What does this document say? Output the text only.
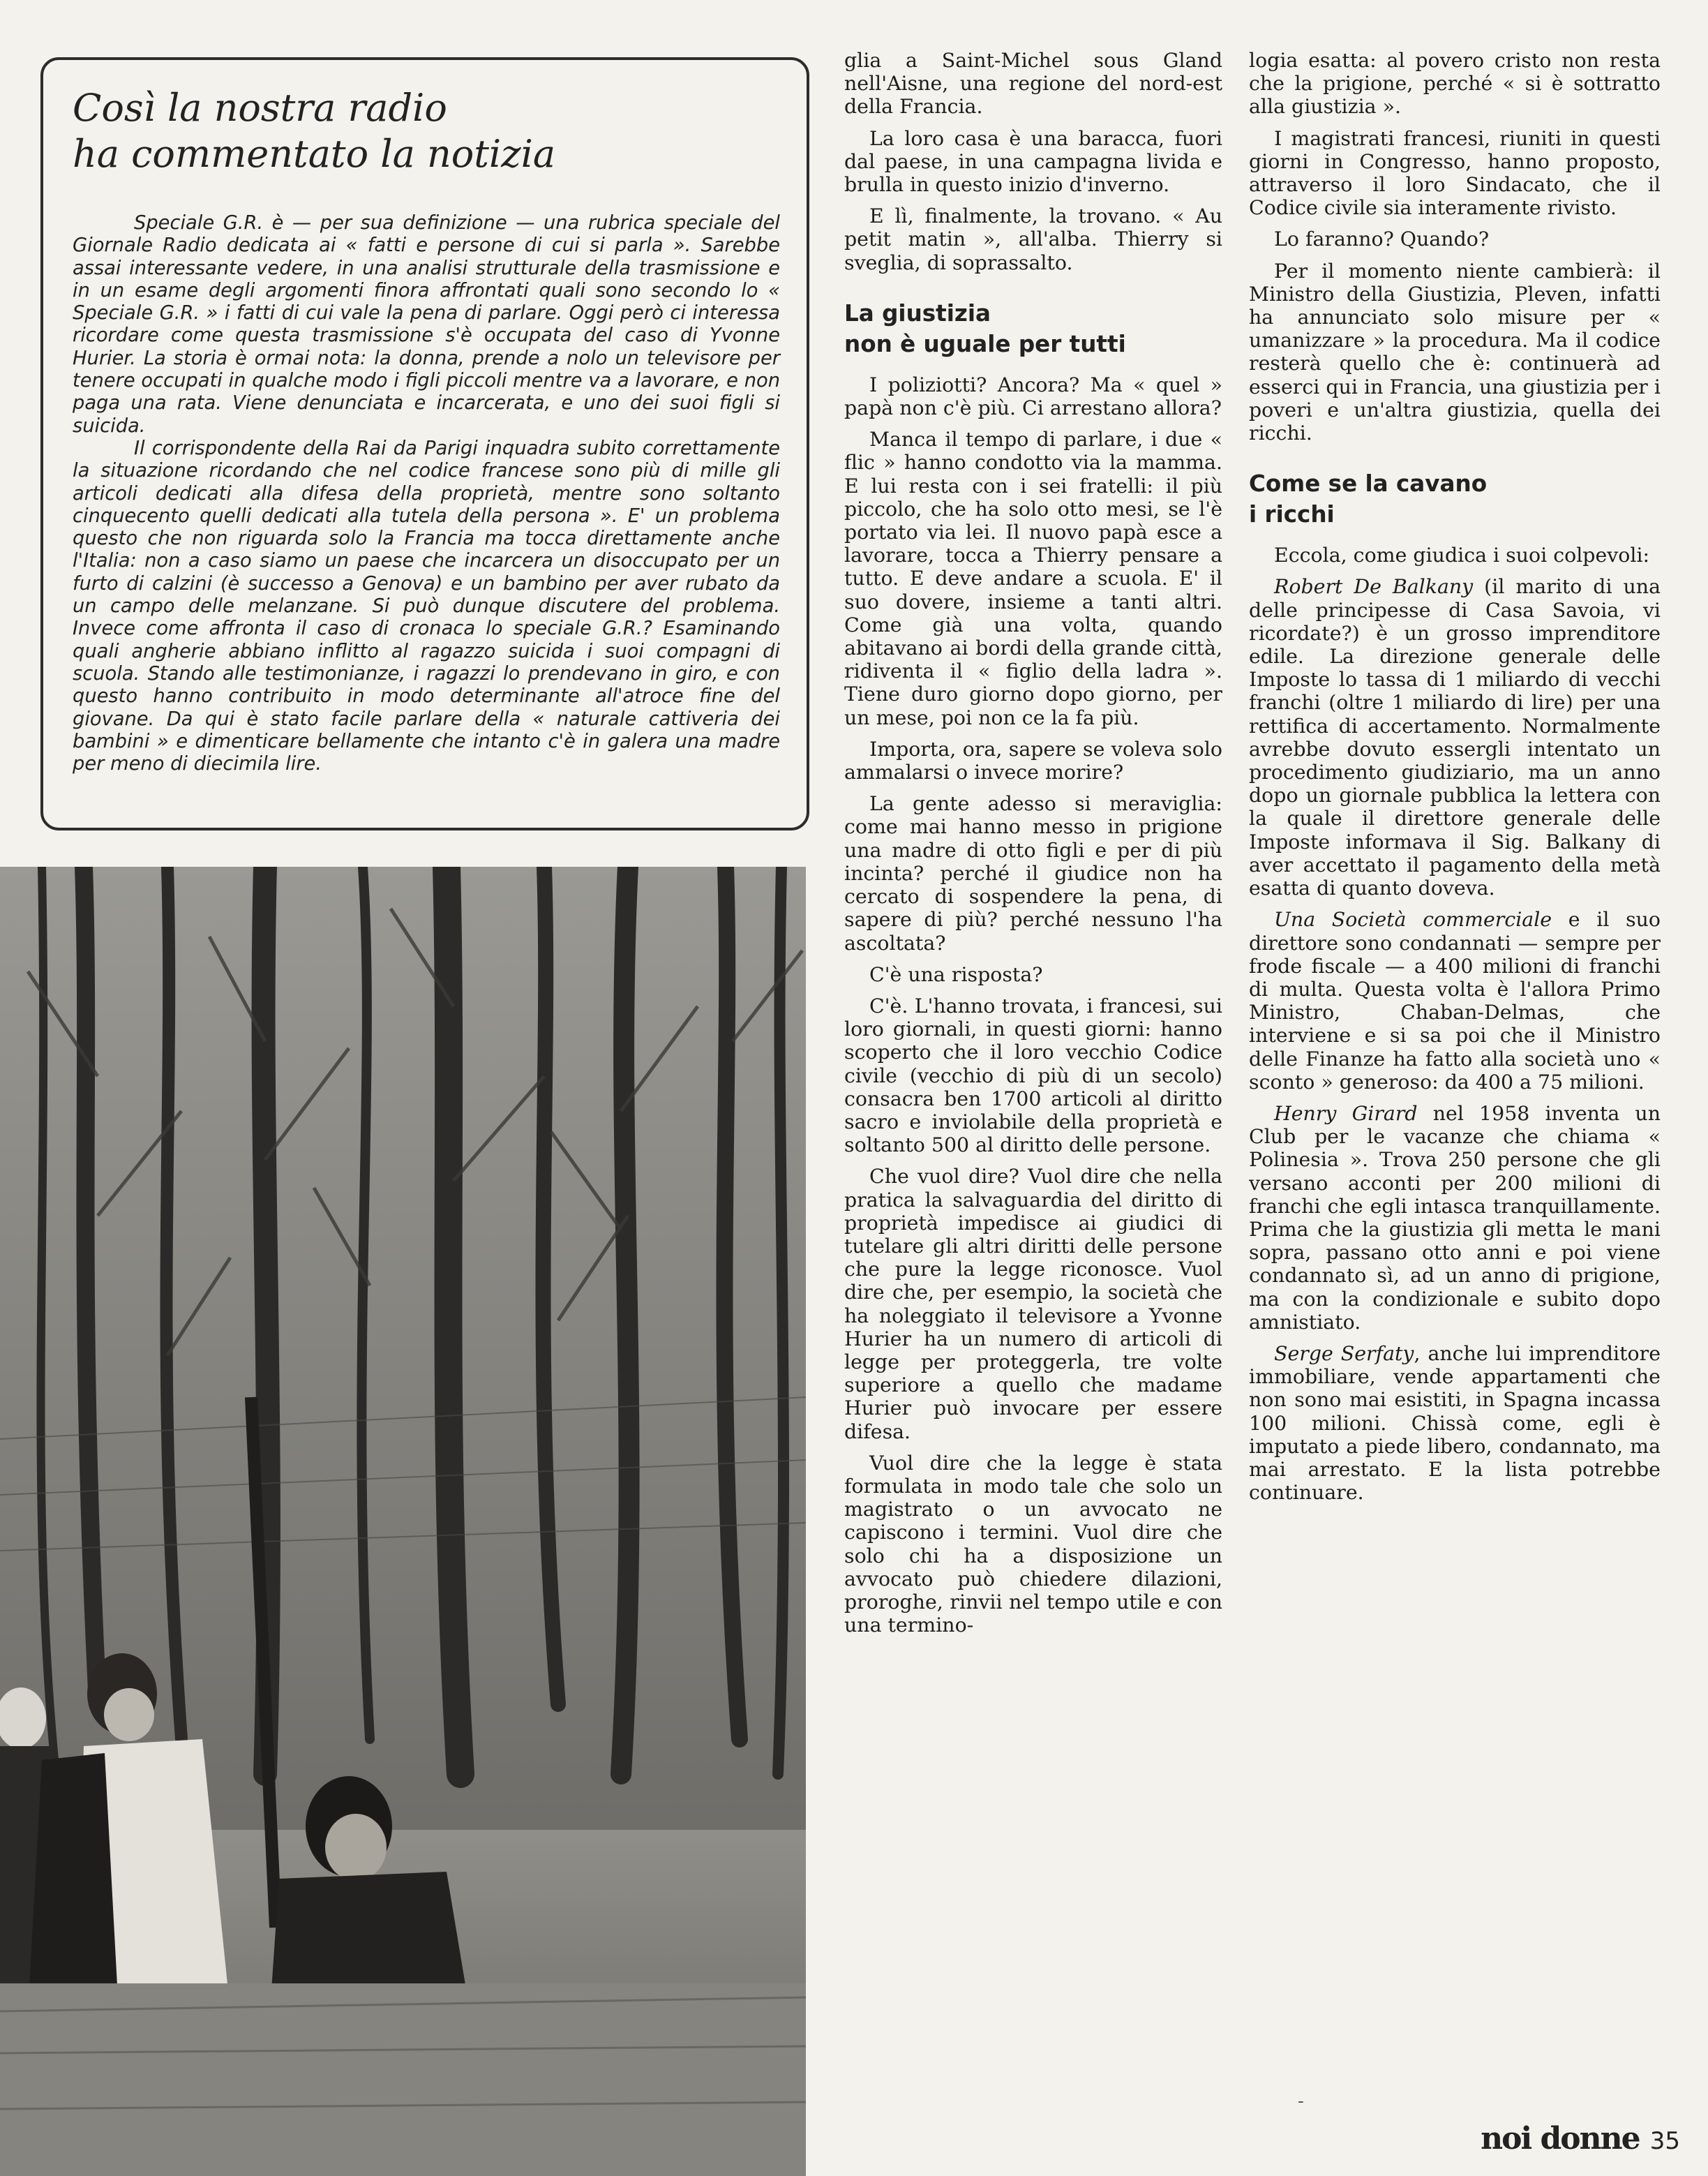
Così la nostra radio
ha commentato la notizia

Speciale G.R. è — per sua definizione — una rubrica speciale del Giornale Radio dedicata ai « fatti e persone di cui si parla ». Sarebbe assai interessante vedere, in una analisi strutturale della trasmissione e in un esame degli argomenti finora affrontati quali sono secondo lo « Speciale G.R. » i fatti di cui vale la pena di parlare. Oggi però ci interessa ricordare come questa trasmissione s'è occupata del caso di Yvonne Hurier. La storia è ormai nota: la donna, prende a nolo un televisore per tenere occupati in qualche modo i figli piccoli mentre va a lavorare, e non paga una rata. Viene denunciata e incarcerata, e uno dei suoi figli si suicida.

Il corrispondente della Rai da Parigi inquadra subito correttamente la situazione ricordando che nel codice francese sono più di mille gli articoli dedicati alla difesa della proprietà, mentre sono soltanto cinquecento quelli dedicati alla tutela della persona ». E' un problema questo che non riguarda solo la Francia ma tocca direttamente anche l'Italia: non a caso siamo un paese che incarcera un disoccupato per un furto di calzini (è successo a Genova) e un bambino per aver rubato da un campo delle melanzane. Si può dunque discutere del problema. Invece come affronta il caso di cronaca lo speciale G.R.? Esaminando quali angherie abbiano inflitto al ragazzo suicida i suoi compagni di scuola. Stando alle testimonianze, i ragazzi lo prendevano in giro, e con questo hanno contribuito in modo determinante all'atroce fine del giovane. Da qui è stato facile parlare della « naturale cattiveria dei bambini » e dimenticare bellamente che intanto c'è in galera una madre per meno di diecimila lire.

glia a Saint-Michel sous Gland nell'Aisne, una regione del nord-est della Francia.

La loro casa è una baracca, fuori dal paese, in una campagna livida e brulla in questo inizio d'inverno.

E lì, finalmente, la trovano. « Au petit matin », all'alba. Thierry si sveglia, di soprassalto.

La giustizia
non è uguale per tutti

I poliziotti? Ancora? Ma « quel » papà non c'è più. Ci arrestano allora?

Manca il tempo di parlare, i due « flic » hanno condotto via la mamma. E lui resta con i sei fratelli: il più piccolo, che ha solo otto mesi, se l'è portato via lei. Il nuovo papà esce a lavorare, tocca a Thierry pensare a tutto. E deve andare a scuola. E' il suo dovere, insieme a tanti altri. Come già una volta, quando abitavano ai bordi della grande città, ridiventa il « figlio della ladra ». Tiene duro giorno dopo giorno, per un mese, poi non ce la fa più.

Importa, ora, sapere se voleva solo ammalarsi o invece morire?

La gente adesso si meraviglia: come mai hanno messo in prigione una madre di otto figli e per di più incinta? perché il giudice non ha cercato di sospendere la pena, di sapere di più? perché nessuno l'ha ascoltata?

C'è una risposta?

C'è. L'hanno trovata, i francesi, sui loro giornali, in questi giorni: hanno scoperto che il loro vecchio Codice civile (vecchio di più di un secolo) consacra ben 1700 articoli al diritto sacro e inviolabile della proprietà e soltanto 500 al diritto delle persone.

Che vuol dire? Vuol dire che nella pratica la salvaguardia del diritto di proprietà impedisce ai giudici di tutelare gli altri diritti delle persone che pure la legge riconosce. Vuol dire che, per esempio, la società che ha noleggiato il televisore a Yvonne Hurier ha un numero di articoli di legge per proteggerla, tre volte superiore a quello che madame Hurier può invocare per essere difesa.

Vuol dire che la legge è stata formulata in modo tale che solo un magistrato o un avvocato ne capiscono i termini. Vuol dire che solo chi ha a disposizione un avvocato può chiedere dilazioni, proroghe, rinvii nel tempo utile e con una termino-

logia esatta: al povero cristo non resta che la prigione, perché « si è sottratto alla giustizia ».

I magistrati francesi, riuniti in questi giorni in Congresso, hanno proposto, attraverso il loro Sindacato, che il Codice civile sia interamente rivisto.

Lo faranno? Quando?

Per il momento niente cambierà: il Ministro della Giustizia, Pleven, infatti ha annunciato solo misure per « umanizzare » la procedura. Ma il codice resterà quello che è: continuerà ad esserci qui in Francia, una giustizia per i poveri e un'altra giustizia, quella dei ricchi.

Come se la cavano
i ricchi

Eccola, come giudica i suoi colpevoli:

Robert De Balkany (il marito di una delle principesse di Casa Savoia, vi ricordate?) è un grosso imprenditore edile. La direzione generale delle Imposte lo tassa di 1 miliardo di vecchi franchi (oltre 1 miliardo di lire) per una rettifica di accertamento. Normalmente avrebbe dovuto essergli intentato un procedimento giudiziario, ma un anno dopo un giornale pubblica la lettera con la quale il direttore generale delle Imposte informava il Sig. Balkany di aver accettato il pagamento della metà esatta di quanto doveva.

Una Società commerciale e il suo direttore sono condannati — sempre per frode fiscale — a 400 milioni di franchi di multa. Questa volta è l'allora Primo Ministro, Chaban-Delmas, che interviene e si sa poi che il Ministro delle Finanze ha fatto alla società uno « sconto » generoso: da 400 a 75 milioni.

Henry Girard nel 1958 inventa un Club per le vacanze che chiama « Polinesia ». Trova 250 persone che gli versano acconti per 200 milioni di franchi che egli intasca tranquillamente. Prima che la giustizia gli metta le mani sopra, passano otto anni e poi viene condannato sì, ad un anno di prigione, ma con la condizionale e subito dopo amnistiato.

Serge Serfaty, anche lui imprenditore immobiliare, vende appartamenti che non sono mai esistiti, in Spagna incassa 100 milioni. Chissà come, egli è imputato a piede libero, condannato, ma mai arrestato. E la lista potrebbe continuare.

-
noi donne 35
